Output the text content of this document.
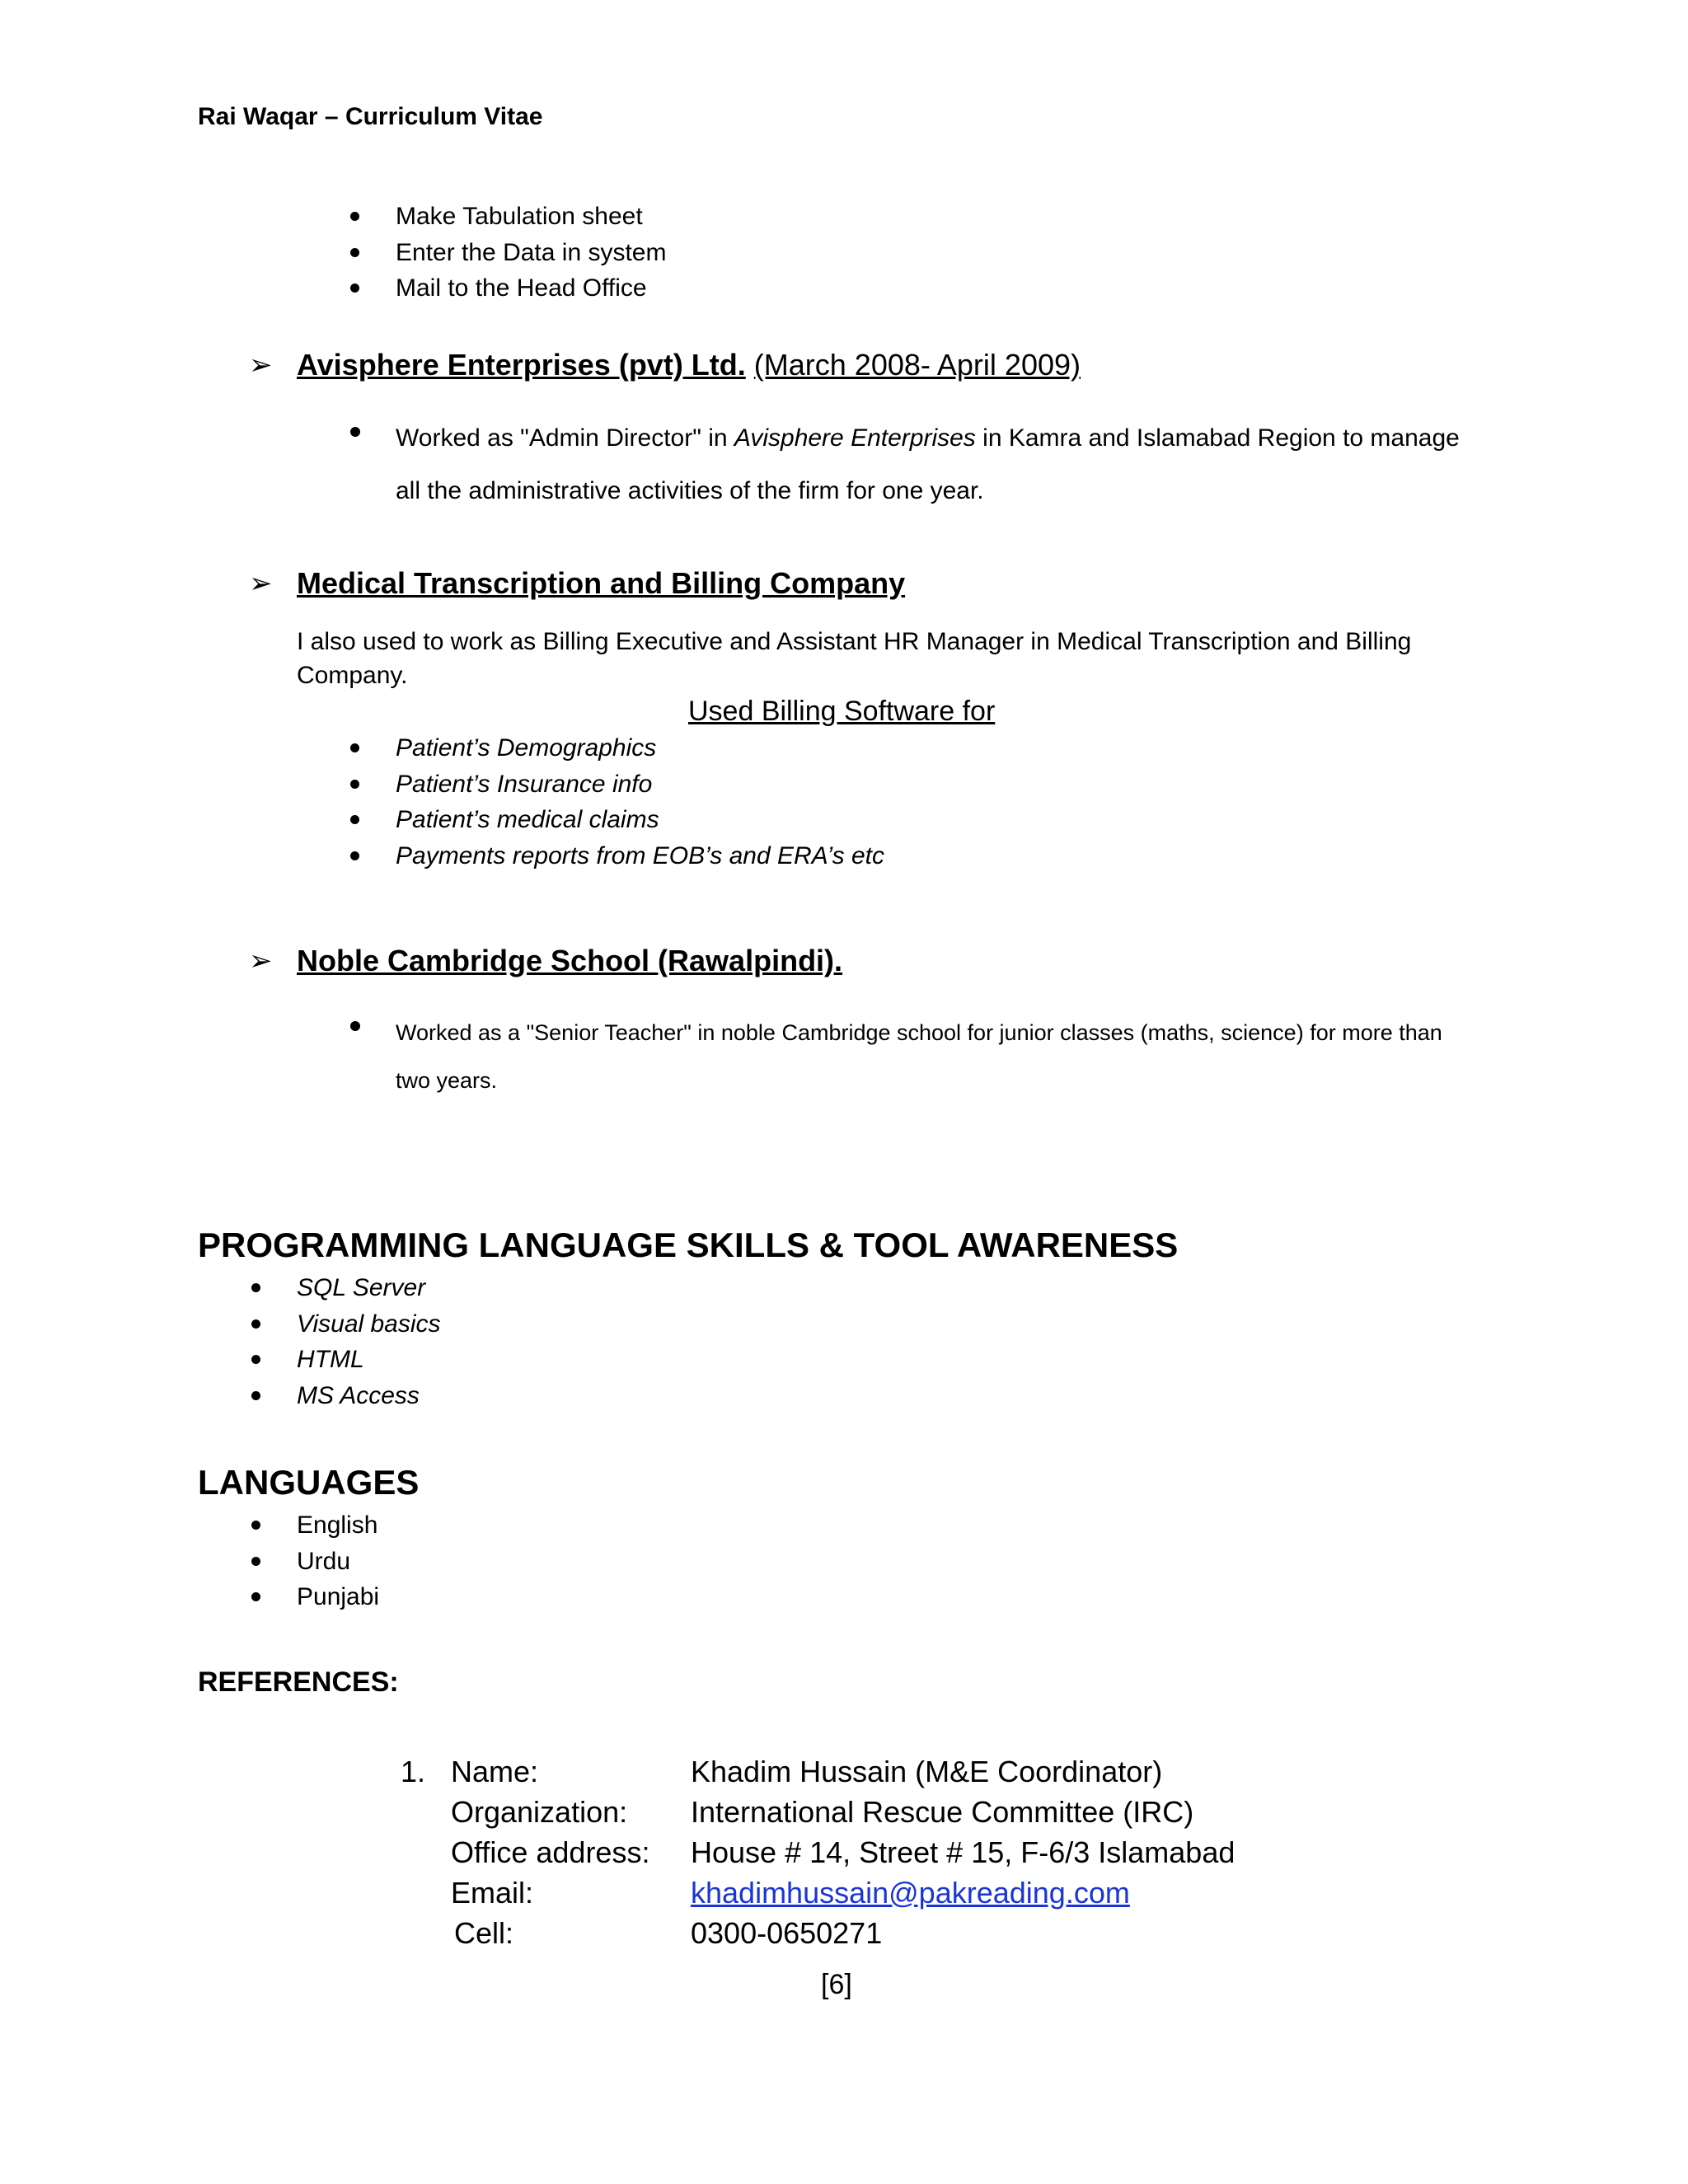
Rai Waqar – Curriculum Vitae
Make Tabulation sheet
Enter the Data in system
Mail to the Head Office
➢ Avisphere Enterprises (pvt) Ltd. (March 2008- April 2009)
Worked as "Admin Director" in Avisphere Enterprises in Kamra and Islamabad Region to manage
all the administrative activities of the firm for one year.
➢ Medical Transcription and Billing Company
I also used to work as Billing Executive and Assistant HR Manager in Medical Transcription and Billing
Company.
Used Billing Software for
Patient’s Demographics
Patient’s Insurance info
Patient’s medical claims
Payments reports from EOB’s and ERA’s etc
➢ Noble Cambridge School (Rawalpindi).
Worked as a "Senior Teacher" in noble Cambridge school for junior classes (maths, science) for more than
two years.
PROGRAMMING LANGUAGE SKILLS & TOOL AWARENESS
SQL Server
Visual basics
HTML
MS Access
LANGUAGES
English
Urdu
Punjabi
REFERENCES:
1. Name:	Khadim Hussain (M&E Coordinator)
Organization: International Rescue Committee (IRC)
Office address: House # 14, Street # 15, F-6/3 Islamabad
Email:	khadimhussain@pakreading.com
Cell:	0300-0650271
[6]
